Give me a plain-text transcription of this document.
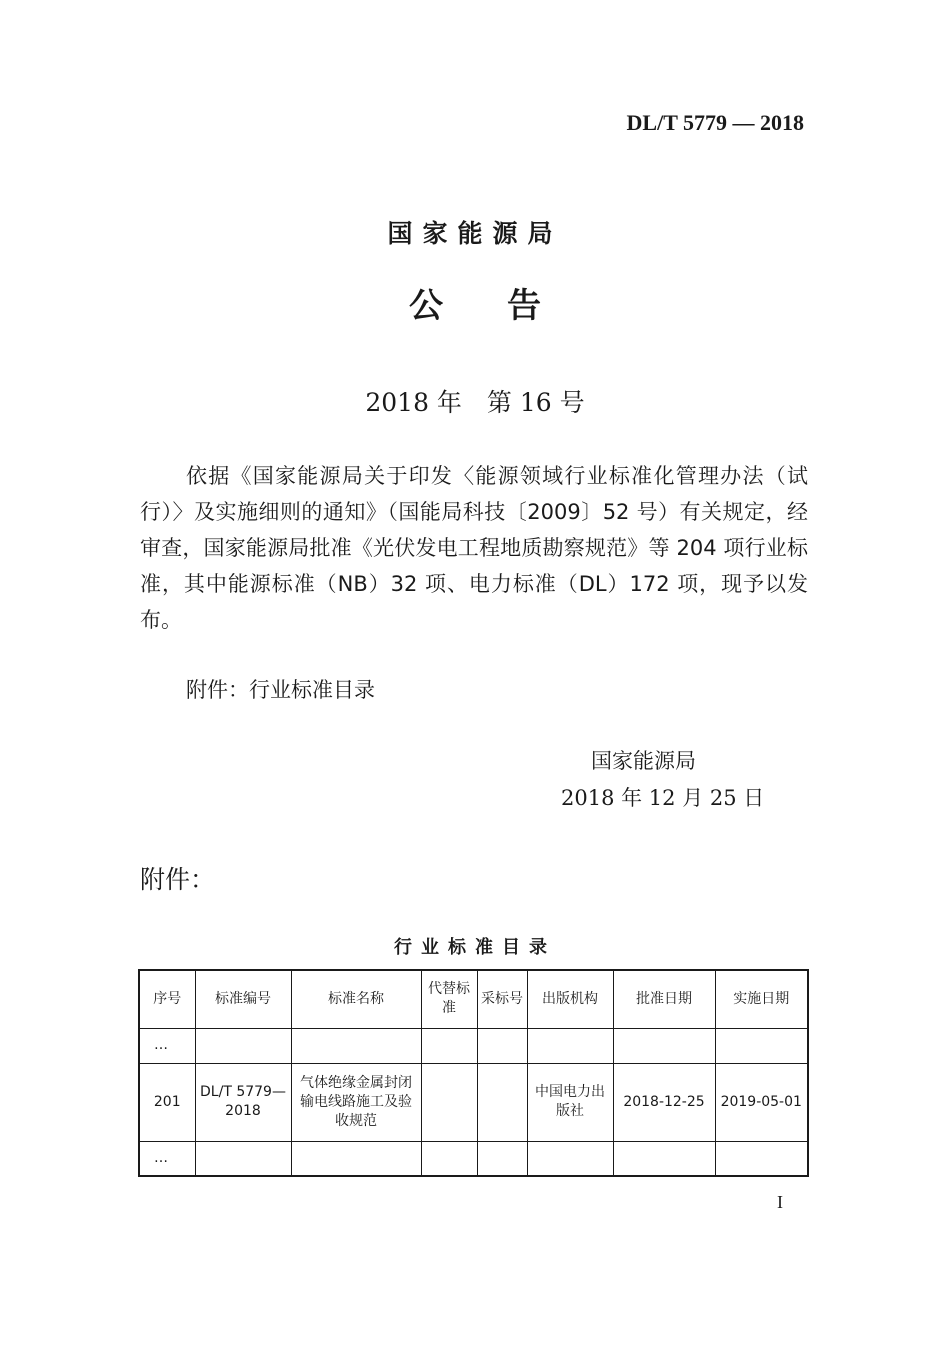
DL/T 5779 — 2018
国家能源局
公告
2018 年　第 16 号
依据《国家能源局关于印发〈能源领域行业标准化管理办法（试行）〉及实施细则的通知》（国能局科技〔2009〕52 号）有关规定，经审查，国家能源局批准《光伏发电工程地质勘察规范》等 204 项行业标准，其中能源标准（NB）32 项、电力标准（DL）172 项，现予以发布。
附件：行业标准目录
国家能源局
2018 年 12 月 25 日
附件：
行业标准目录
序号	标准编号	标准名称	代替标准	采标号	出版机构	批准日期	实施日期
…							
201	DL/T 5779—2018	气体绝缘金属封闭输电线路施工及验收规范			中国电力出版社	2018-12-25	2019-05-01
…							
I
